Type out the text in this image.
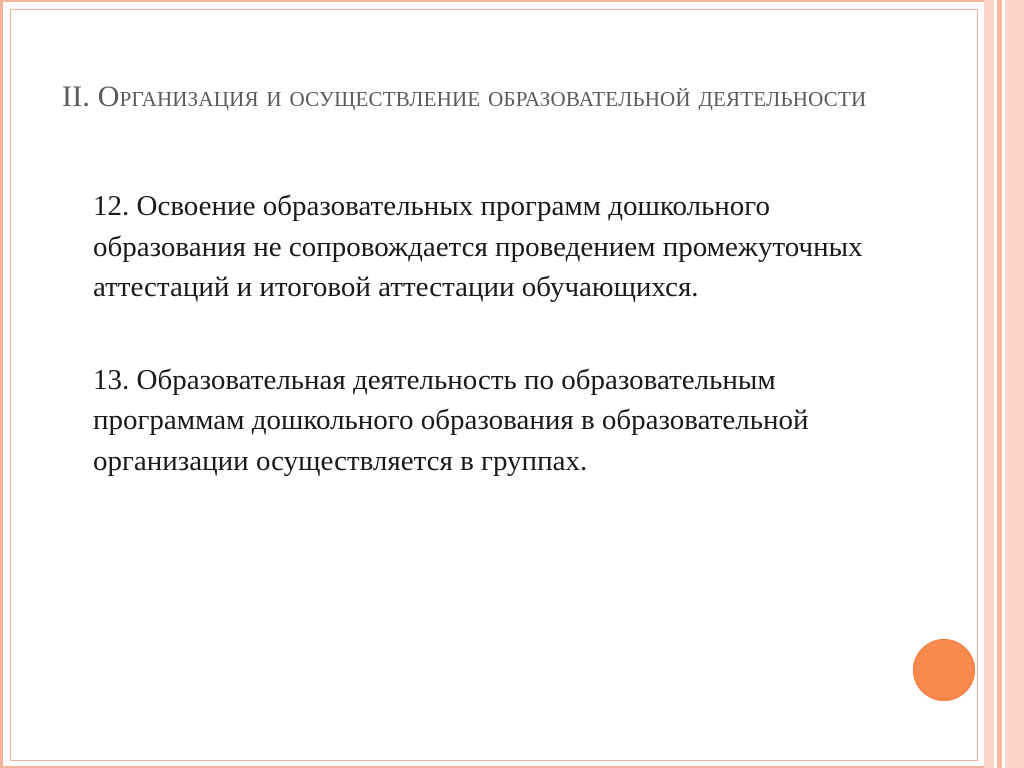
II. Организация и осуществление образовательной деятельности

12. Освоение образовательных программ дошкольного образования не сопровождается проведением промежуточных аттестаций и итоговой аттестации обучающихся.

13. Образовательная деятельность по образовательным программам дошкольного образования в образовательной организации осуществляется в группах.
